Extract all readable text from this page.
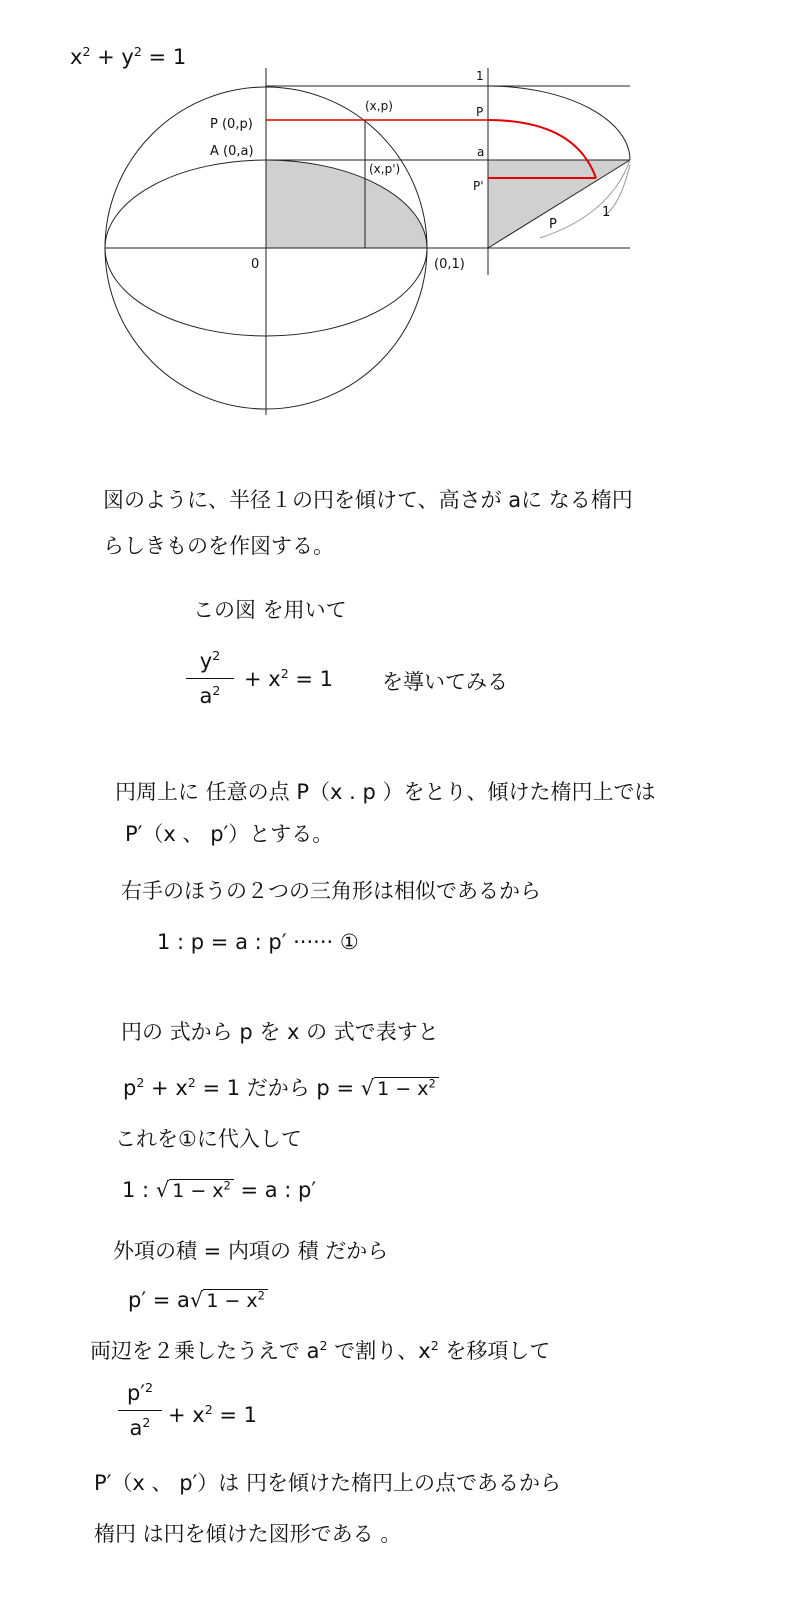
$x^2 + y^2 = 1$
P (0,p)
A (0,a)
(x,p)
(x,p')
0	(0,1)
1
P
a
P'
P
1
図のように、半径１の円を傾けて、高さが aに なる楕円
らしきものを作図する。
この図 を用いて
$y^2$
$a^2$	+ $x^2 = 1$ を導いてみる
円周上に 任意の点 P（x . p ）をとり、傾けた楕円上では
P′（x 、 p′）とする。
右手のほうの２つの三角形は相似であるから
1 : p = a : p′ ······ ①
円の 式から p を x の 式で表すと
$p^2 + x^2 = 1$ だから p = √ $1 - x^2$
これを①に代入して
1 : √ $1 - x^2 = a$ : p′
外項の積 = 内項の 積 だから
p′ = a√ $1 - x^2$
両辺を２乗したうえで $a^2$ で割り、$x^2$ を移項して
$p'^2$
$a^2 + x^2 = 1$
P′（x 、 p′）は 円を傾けた楕円上の点であるから
楕円 は円を傾けた図形である 。
